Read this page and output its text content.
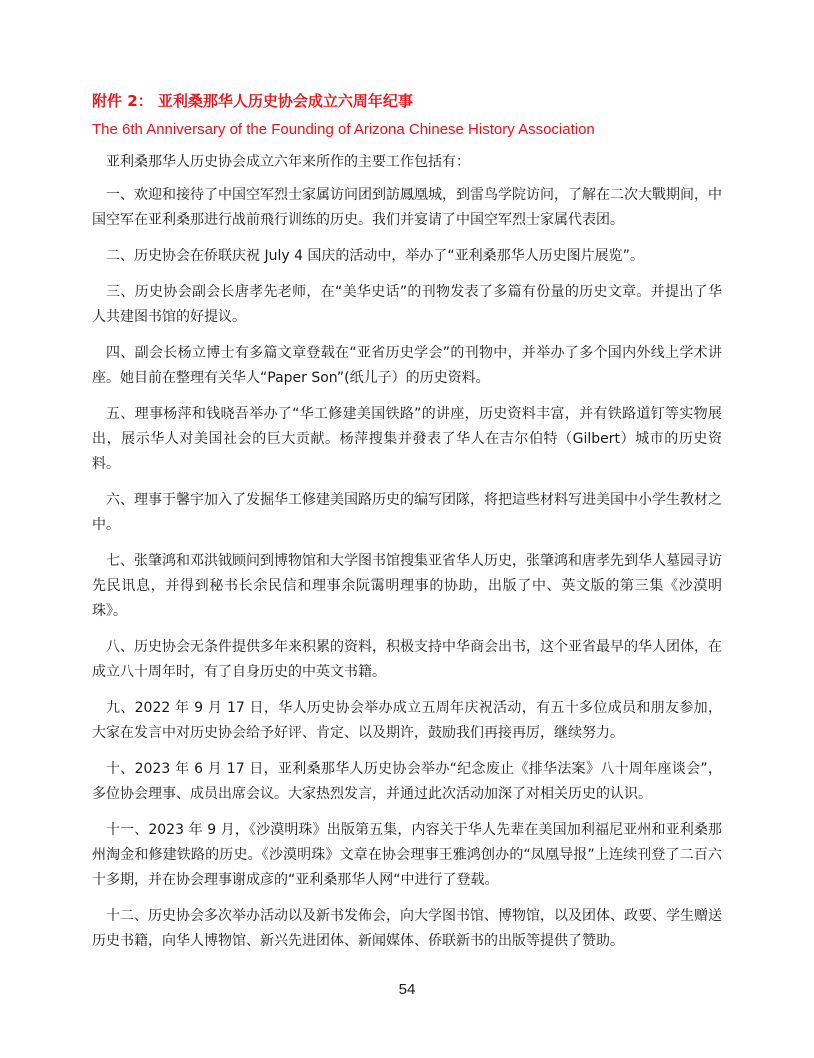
附件 2： 亚利桑那华人历史协会成立六周年纪事
The 6th Anniversary of the Founding of Arizona Chinese History Association

亚利桑那华人历史协会成立六年来所作的主要工作包括有：

一、欢迎和接待了中国空军烈士家属访问团到訪鳳凰城，到雷鸟学院访问，了解在二次大戰期间，中国空军在亚利桑那进行战前飛行训练的历史。我们并宴请了中国空军烈士家属代表团。

二、历史协会在侨联庆祝 July 4 国庆的活动中，举办了“亚利桑那华人历史图片展览”。

三、历史协会副会长唐孝先老师，在“美华史话”的刊物发表了多篇有份量的历史文章。并提出了华人共建图书馆的好提议。

四、副会长杨立博士有多篇文章登载在“亚省历史学会”的刊物中，并举办了多个国内外线上学术讲座。她目前在整理有关华人“Paper Son”(纸儿子）的历史资料。

五、理事杨萍和钱晓吾举办了“华工修建美国铁路”的讲座，历史资料丰富，并有铁路道钉等实物展出，展示华人对美国社会的巨大贡献。杨萍搜集并發表了华人在吉尔伯特（Gilbert）城市的历史资料。

六、理事于馨宇加入了发掘华工修建美国路历史的编写团隊，将把這些材料写进美国中小学生教材之中。

七、张肇鸿和邓洪钺顾问到博物馆和大学图书馆搜集亚省华人历史，张肇鸿和唐孝先到华人墓园寻访先民讯息，并得到秘书长余民信和理事余阮霭明理事的协助，出版了中、英文版的第三集《沙漠明珠》。

八、历史协会无条件提供多年来积累的资料，积极支持中华商会出书，这个亚省最早的华人团体，在成立八十周年时，有了自身历史的中英文书籍。

九、2022 年 9 月 17 日，华人历史协会举办成立五周年庆祝活动，有五十多位成员和朋友参加，大家在发言中对历史协会给予好评、肯定、以及期许，鼓励我们再接再厉，继续努力。

十、2023 年 6 月 17 日，亚利桑那华人历史协会举办“纪念废止《排华法案》八十周年座谈会”，多位协会理事、成员出席会议。大家热烈发言，并通过此次活动加深了对相关历史的认识。

十一、2023 年 9 月，《沙漠明珠》出版第五集，内容关于华人先辈在美国加利福尼亚州和亚利桑那州淘金和修建铁路的历史。《沙漠明珠》文章在协会理事王雅鸿创办的“凤凰导报”上连续刊登了二百六十多期，并在协会理事谢成彦的“亚利桑那华人网“中进行了登载。

十二、历史协会多次举办活动以及新书发佈会，向大学图书馆、博物馆，以及团体、政要、学生赠送历史书籍，向华人博物馆、新兴先进团体、新闻媒体、侨联新书的出版等提供了赞助。

54
